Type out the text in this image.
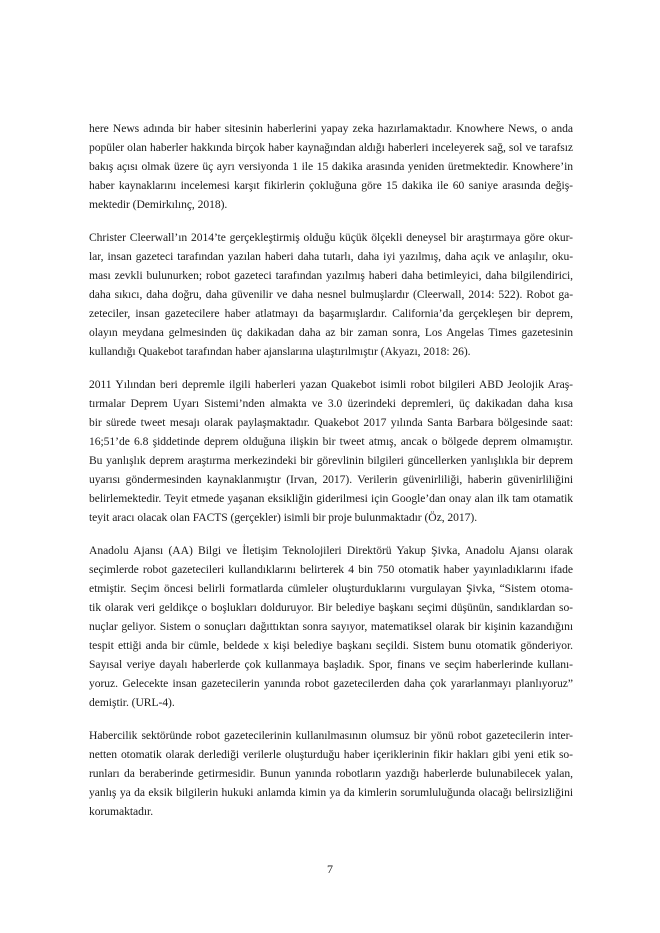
here News adında bir haber sitesinin haberlerini yapay zeka hazırlamaktadır. Knowhere News, o anda
popüler olan haberler hakkında birçok haber kaynağından aldığı haberleri inceleyerek sağ, sol ve tarafsız
bakış açısı olmak üzere üç ayrı versiyonda 1 ile 15 dakika arasında yeniden üretmektedir. Knowhere’in
haber kaynaklarını incelemesi karşıt fikirlerin çokluğuna göre 15 dakika ile 60 saniye arasında değiş-
mektedir (Demirkılınç, 2018).

Christer Cleerwall’ın 2014’te gerçekleştirmiş olduğu küçük ölçekli deneysel bir araştırmaya göre okur-
lar, insan gazeteci tarafından yazılan haberi daha tutarlı, daha iyi yazılmış, daha açık ve anlaşılır, oku-
ması zevkli bulunurken; robot gazeteci tarafından yazılmış haberi daha betimleyici, daha bilgilendirici,
daha sıkıcı, daha doğru, daha güvenilir ve daha nesnel bulmuşlardır (Cleerwall, 2014: 522). Robot ga-
zeteciler, insan gazetecilere haber atlatmayı da başarmışlardır. California’da gerçekleşen bir deprem,
olayın meydana gelmesinden üç dakikadan daha az bir zaman sonra, Los Angelas Times gazetesinin
kullandığı Quakebot tarafından haber ajanslarına ulaştırılmıştır (Akyazı, 2018: 26).

2011 Yılından beri depremle ilgili haberleri yazan Quakebot isimli robot bilgileri ABD Jeolojik Araş-
tırmalar Deprem Uyarı Sistemi’nden almakta ve 3.0 üzerindeki depremleri, üç dakikadan daha kısa
bir sürede tweet mesajı olarak paylaşmaktadır. Quakebot 2017 yılında Santa Barbara bölgesinde saat:
16;51’de 6.8 şiddetinde deprem olduğuna ilişkin bir tweet atmış, ancak o bölgede deprem olmamıştır.
Bu yanlışlık deprem araştırma merkezindeki bir görevlinin bilgileri güncellerken yanlışlıkla bir deprem
uyarısı göndermesinden kaynaklanmıştır (Irvan, 2017). Verilerin güvenirliliği, haberin güvenirliliğini
belirlemektedir. Teyit etmede yaşanan eksikliğin giderilmesi için Google’dan onay alan ilk tam otamatik
teyit aracı olacak olan FACTS (gerçekler) isimli bir proje bulunmaktadır (Öz, 2017).

Anadolu Ajansı (AA) Bilgi ve İletişim Teknolojileri Direktörü Yakup Şivka, Anadolu Ajansı olarak
seçimlerde robot gazetecileri kullandıklarını belirterek 4 bin 750 otomatik haber yayınladıklarını ifade
etmiştir. Seçim öncesi belirli formatlarda cümleler oluşturduklarını vurgulayan Şivka, “Sistem otoma-
tik olarak veri geldikçe o boşlukları dolduruyor. Bir belediye başkanı seçimi düşünün, sandıklardan so-
nuçlar geliyor. Sistem o sonuçları dağıttıktan sonra sayıyor, matematiksel olarak bir kişinin kazandığını
tespit ettiği anda bir cümle, beldede x kişi belediye başkanı seçildi. Sistem bunu otomatik gönderiyor.
Sayısal veriye dayalı haberlerde çok kullanmaya başladık. Spor, finans ve seçim haberlerinde kullanı-
yoruz. Gelecekte insan gazetecilerin yanında robot gazetecilerden daha çok yararlanmayı planlıyoruz”
demiştir. (URL-4).

Habercilik sektöründe robot gazetecilerinin kullanılmasının olumsuz bir yönü robot gazetecilerin inter-
netten otomatik olarak derlediği verilerle oluşturduğu haber içeriklerinin fikir hakları gibi yeni etik so-
runları da beraberinde getirmesidir. Bunun yanında robotların yazdığı haberlerde bulunabilecek yalan,
yanlış ya da eksik bilgilerin hukuki anlamda kimin ya da kimlerin sorumluluğunda olacağı belirsizliğini
korumaktadır.

7
